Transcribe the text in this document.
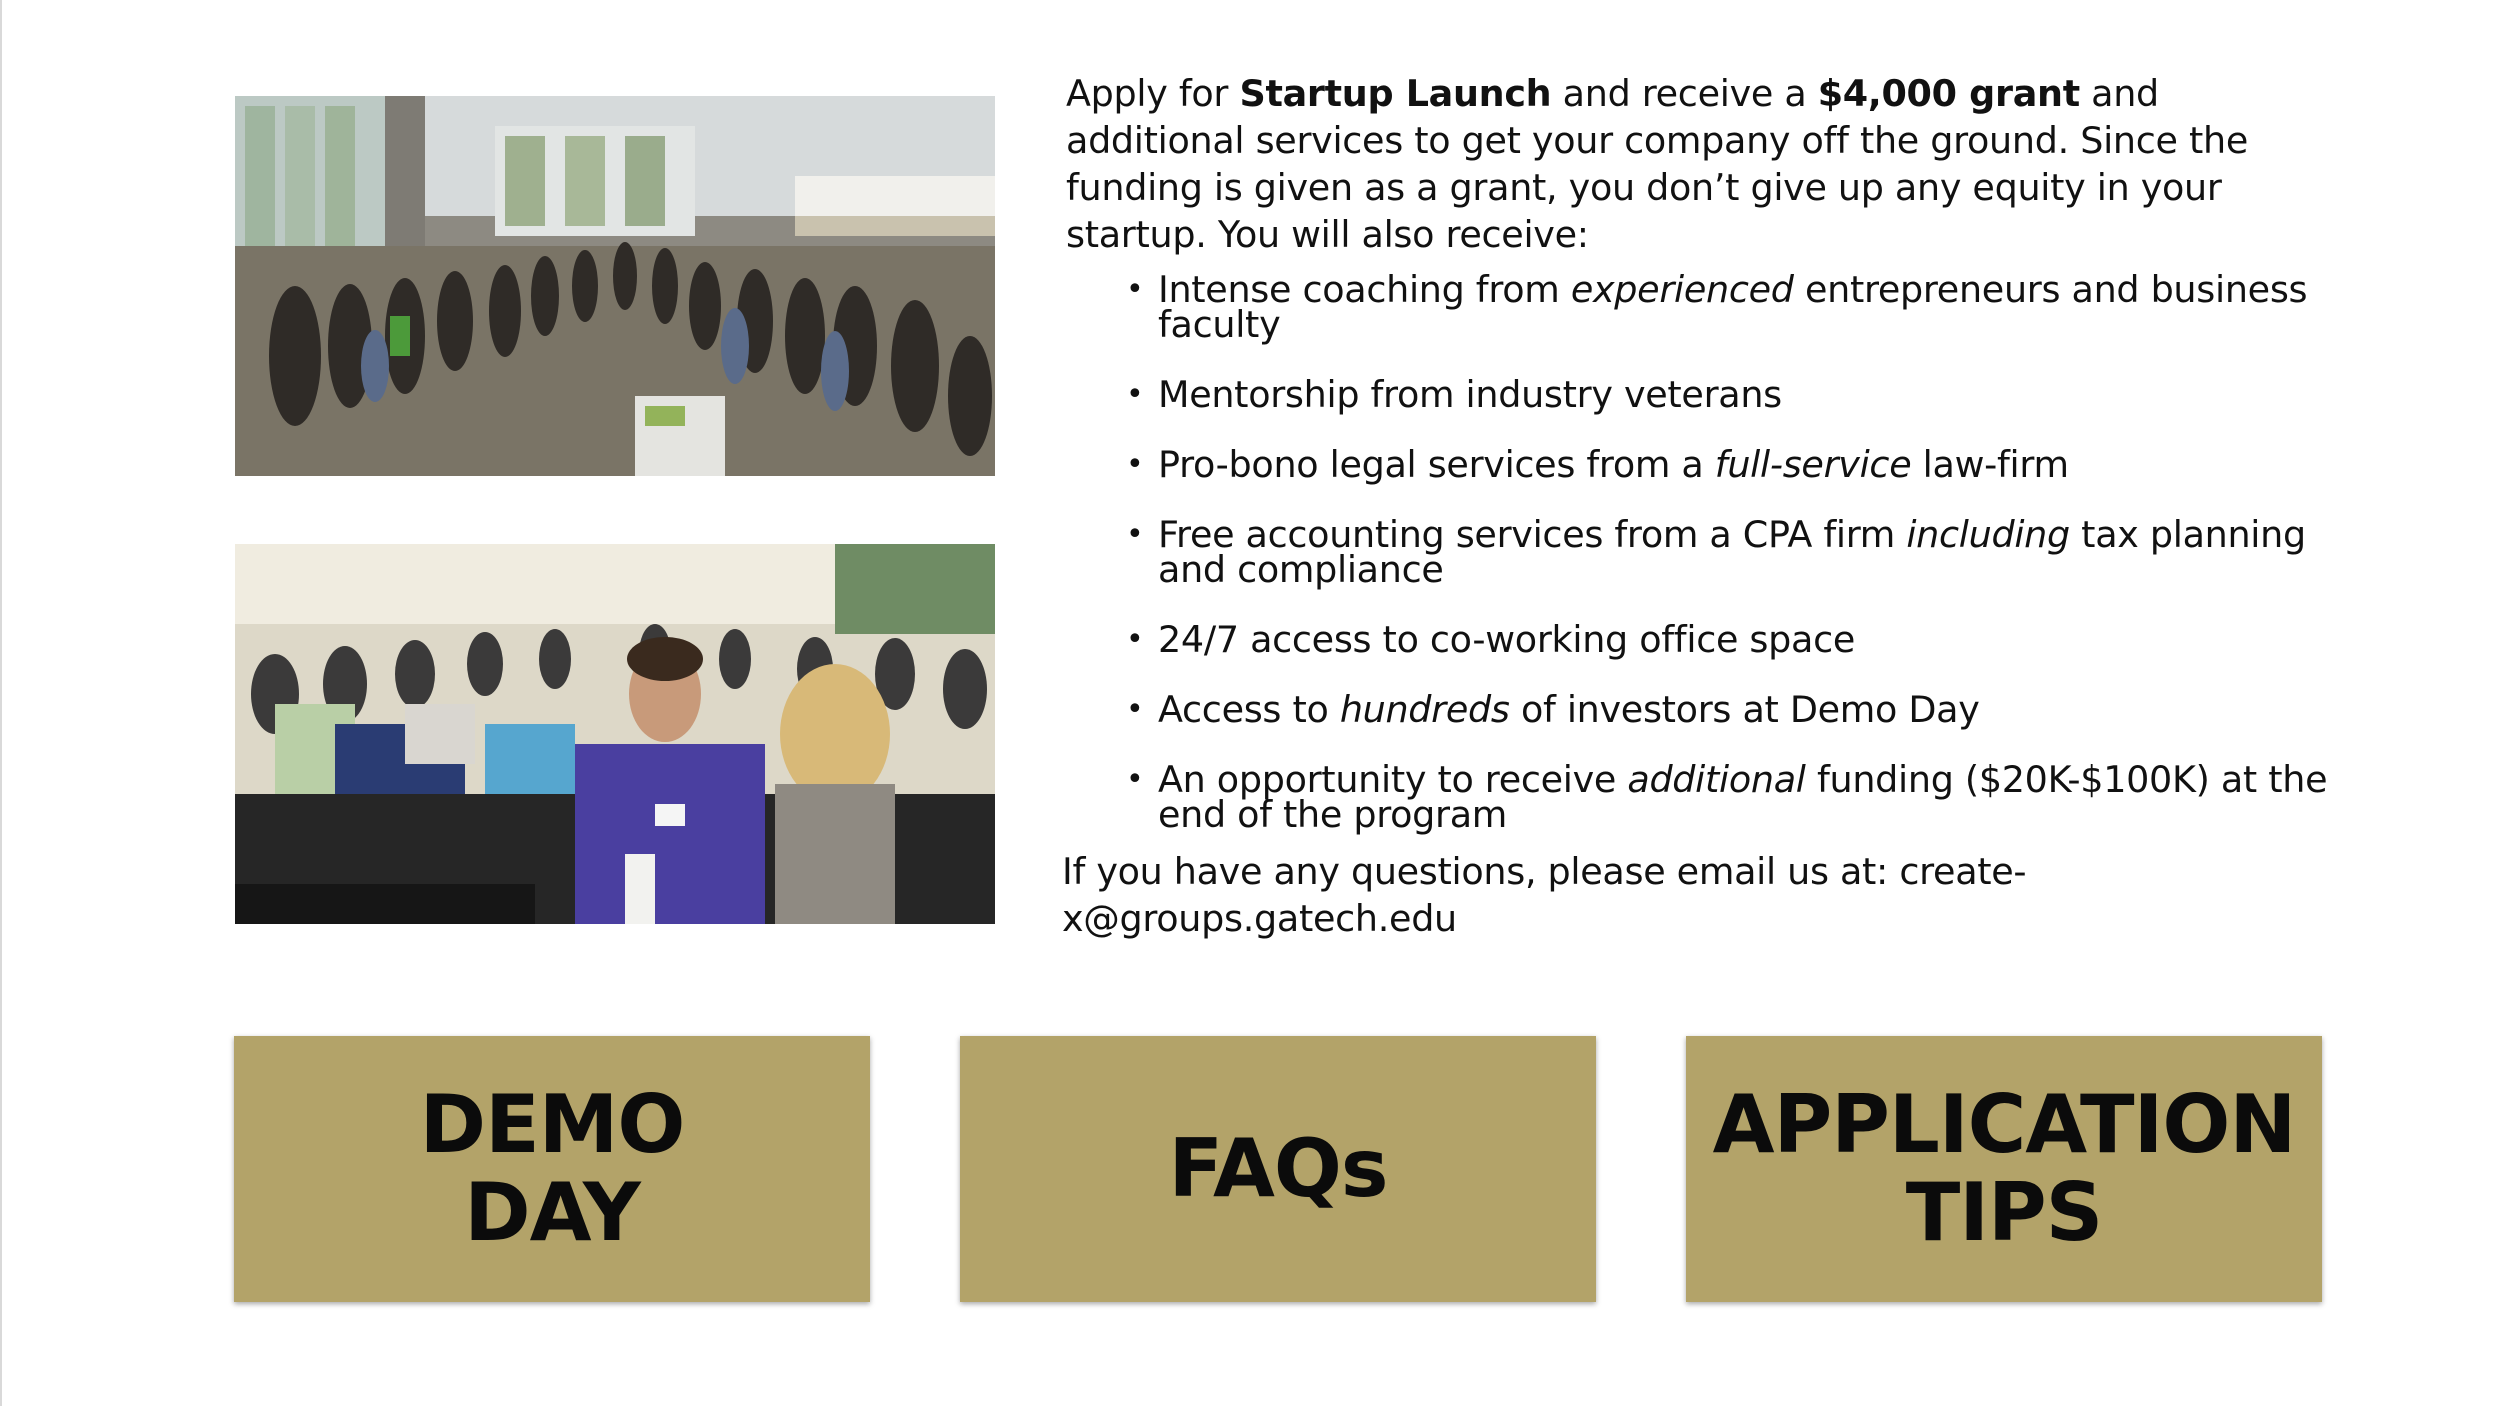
Apply for Startup Launch and receive a $4,000 grant and additional services to get your company off the ground. Since the funding is given as a grant, you don’t give up any equity in your startup. You will also receive:

• Intense coaching from experienced entrepreneurs and business faculty
• Mentorship from industry veterans
• Pro-bono legal services from a full-service law-firm
• Free accounting services from a CPA firm including tax planning and compliance
• 24/7 access to co-working office space
• Access to hundreds of investors at Demo Day
• An opportunity to receive additional funding ($20K-$100K) at the end of the program

If you have any questions, please email us at: create-x@groups.gatech.edu

DEMO
DAY	FAQs	APPLICATION
TIPS
